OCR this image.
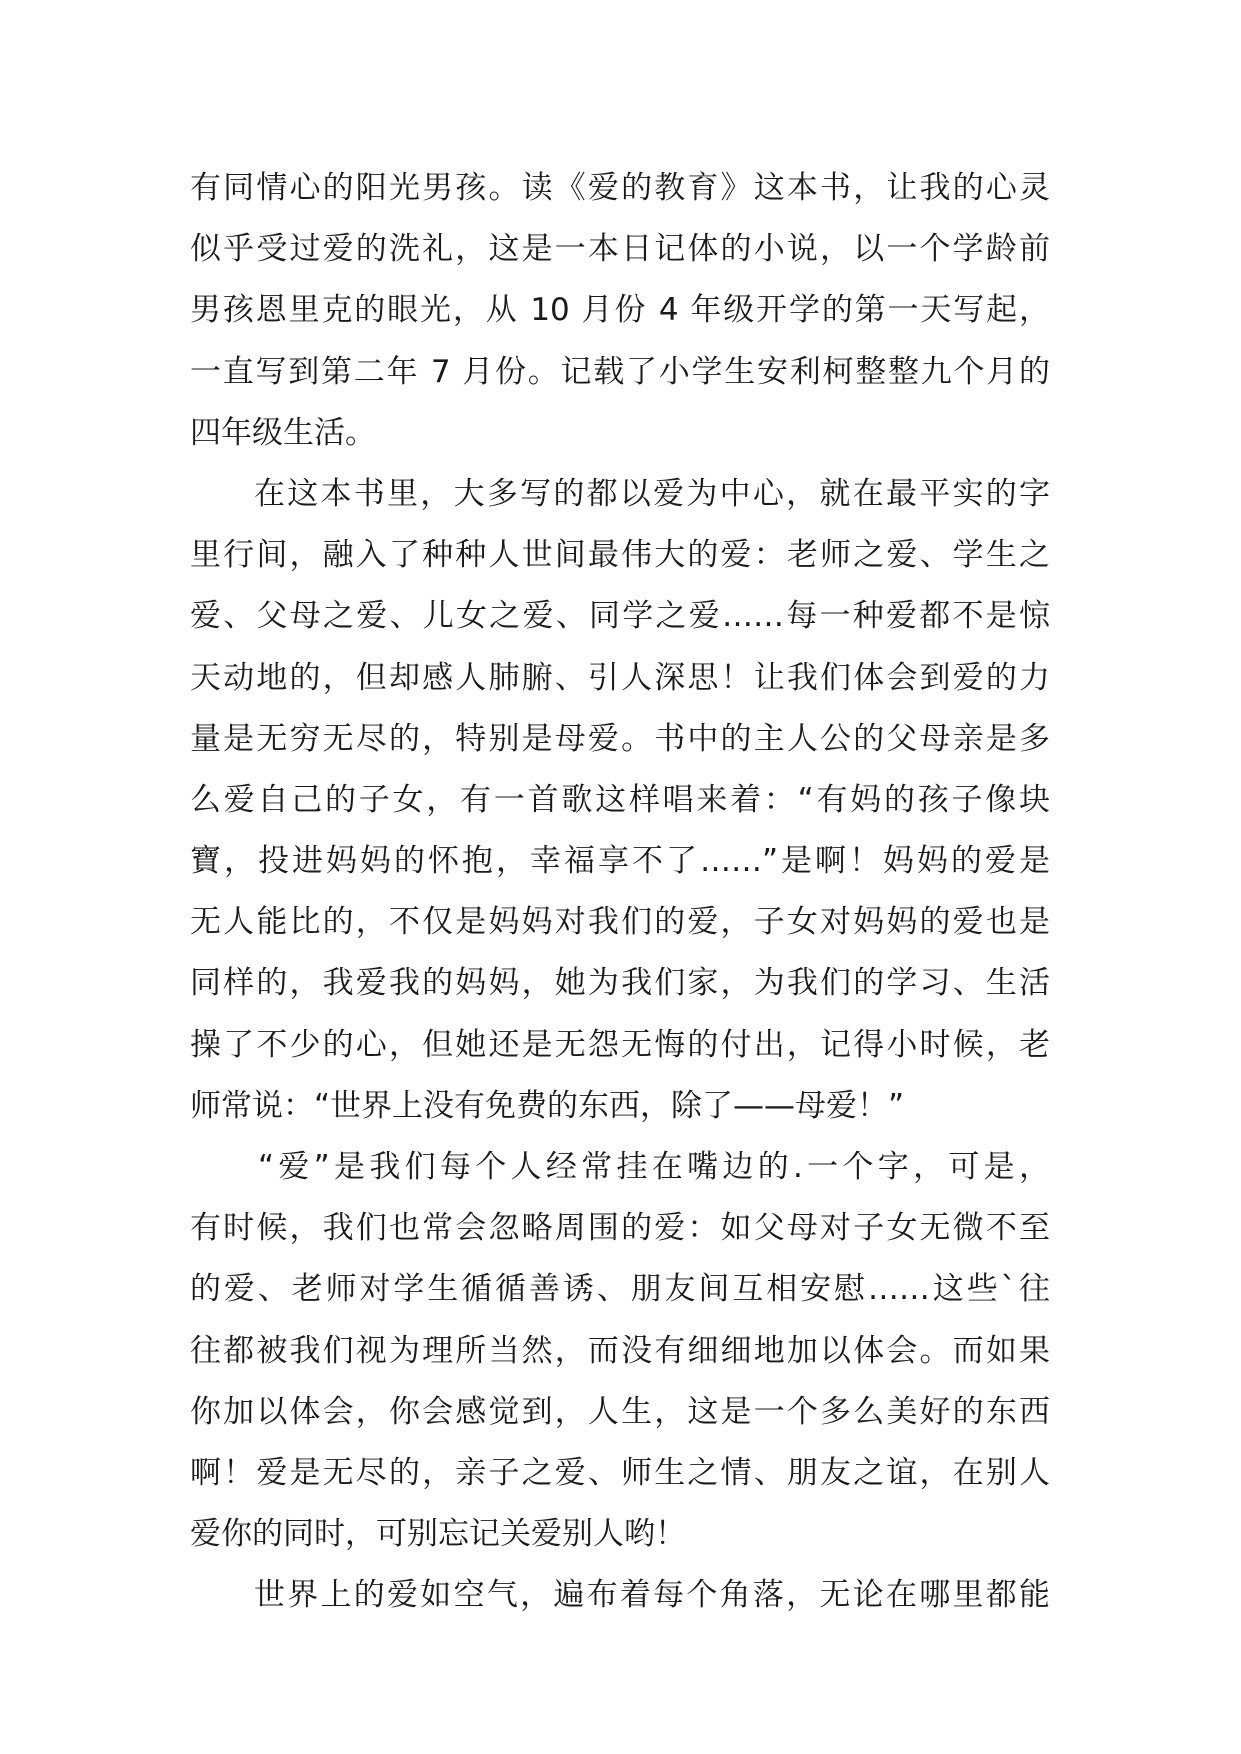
有同情心的阳光男孩。读《爱的教育》这本书，让我的心灵
似乎受过爱的洗礼，这是一本日记体的小说，以一个学龄前
男孩恩里克的眼光，从 10 月份 4 年级开学的第一天写起，
一直写到第二年 7 月份。记载了小学生安利柯整整九个月的
四年级生活。
在这本书里，大多写的都以爱为中心，就在最平实的字
里行间，融入了种种人世间最伟大的爱：老师之爱、学生之
爱、父母之爱、儿女之爱、同学之爱……每一种爱都不是惊
天动地的，但却感人肺腑、引人深思！让我们体会到爱的力
量是无穷无尽的，特别是母爱。书中的主人公的父母亲是多
么爱自己的子女，有一首歌这样唱来着：“有妈的孩子像块
寶，投进妈妈的怀抱，幸福享不了……”是啊！妈妈的爱是
无人能比的，不仅是妈妈对我们的爱，子女对妈妈的爱也是
同样的，我爱我的妈妈，她为我们家，为我们的学习、生活
操了不少的心，但她还是无怨无悔的付出，记得小时候，老
师常说：“世界上没有免费的东西，除了——母爱！”
“爱”是我们每个人经常挂在嘴边的.一个字，可是，
有时候，我们也常会忽略周围的爱：如父母对子女无微不至
的爱、老师对学生循循善诱、朋友间互相安慰……这些`往
往都被我们视为理所当然，而没有细细地加以体会。而如果
你加以体会，你会感觉到，人生，这是一个多么美好的东西
啊！爱是无尽的，亲子之爱、师生之情、朋友之谊，在别人
爱你的同时，可别忘记关爱别人哟！
世界上的爱如空气，遍布着每个角落，无论在哪里都能
